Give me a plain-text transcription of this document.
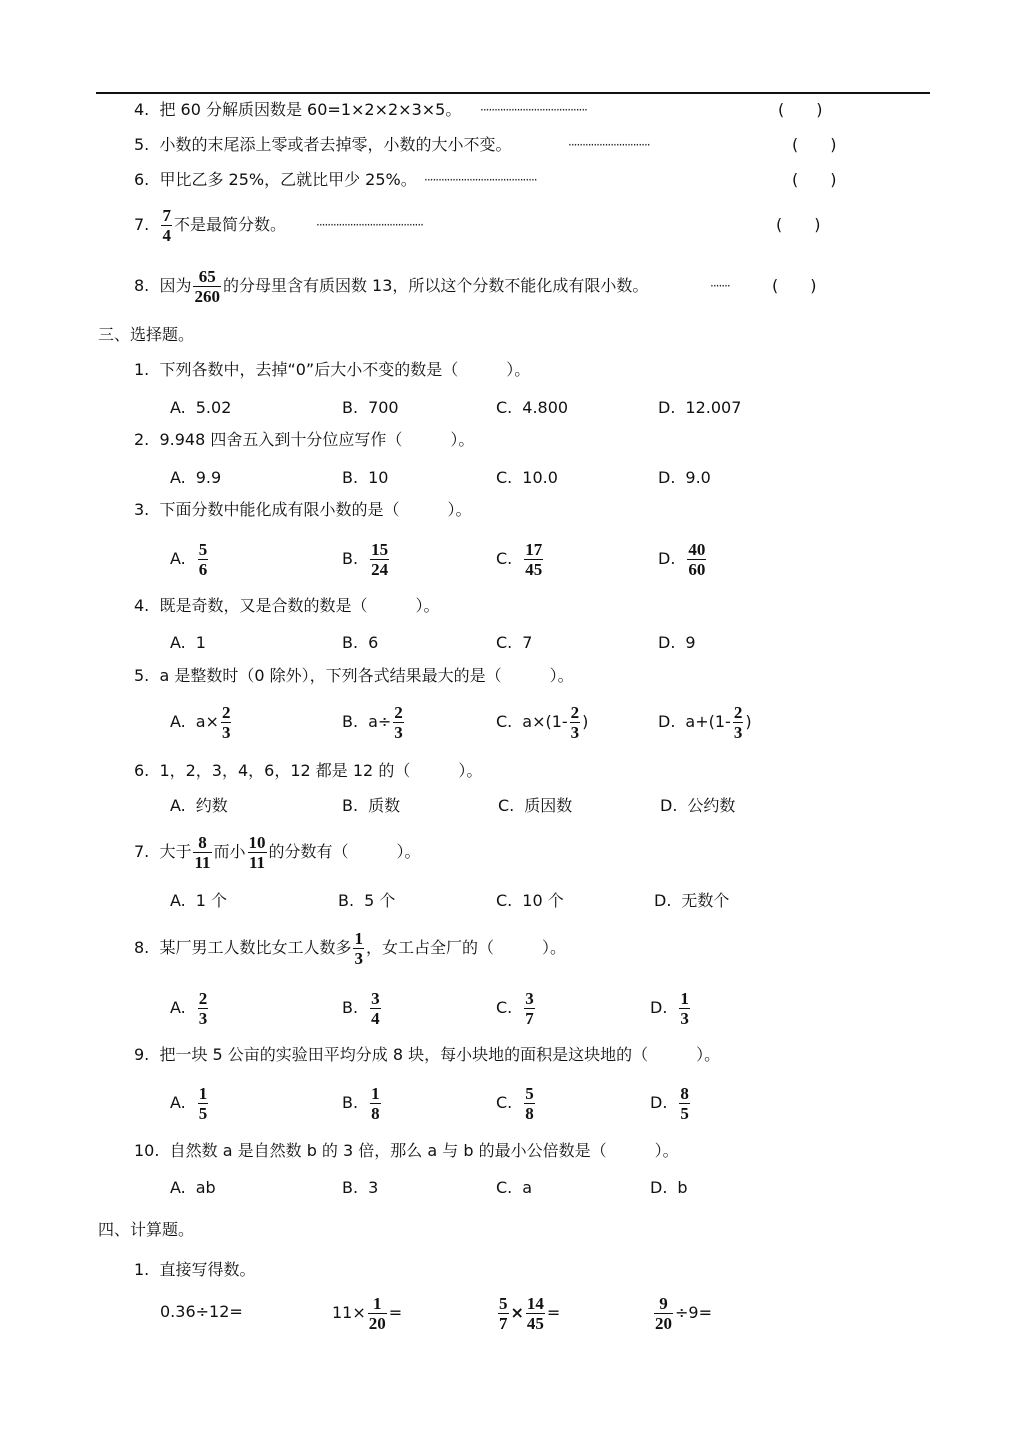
4. 把 60 分解质因数是 60=1×2×2×3×5。 ······································	(　　)
5. 小数的末尾添上零或者去掉零，小数的大小不变。	·····························	(　　)
6. 甲比乙多 25%，乙就比甲少 25%。 ········································	(　　)
7. $\frac{7}{4}$ 不是最简分数。	······································	(　　)
8. 因为 $\frac{65}{260}$ 的分母里含有质因数 13，所以这个分数不能化成有限小数。	·······	(　　)
三、选择题。
1. 下列各数中，去掉“0”后大小不变的数是（　　　）。
A. 5.02	B. 700	C. 4.800	D. 12.007
2. 9.948 四舍五入到十分位应写作（　　　）。
A. 9.9	B. 10	C. 10.0	D. 9.0
3. 下面分数中能化成有限小数的是（　　　）。
A. $\frac{5}{6}$	B. $\frac{15}{24}$	C. $\frac{17}{45}$	D. $\frac{40}{60}$
4. 既是奇数，又是合数的数是（　　　）。
A. 1	B. 6	C. 7	D. 9
5. a 是整数时（0 除外），下列各式结果最大的是（　　　）。
A. $a\times \frac{2}{3}$	B. $a\div \frac{2}{3}$	C. $a\times(1- \frac{2}{3}$ )	D. $a+(1- \frac{2}{3}$ )
6. 1，2，3，4，6，12 都是 12 的（　　　）。
A. 约数	B. 质数	C. 质因数	D. 公约数
7. 大于 $\frac{8}{11}$ 而小 $\frac{10}{11}$ 的分数有（　　　）。
A. 1 个	B. 5 个	C. 10 个	D. 无数个
8. 某厂男工人数比女工人数多 $\frac{1}{3}$ ，女工占全厂的（　　　）。
A. $\frac{2}{3}$	B. $\frac{3}{4}$	C. $\frac{3}{7}$	D. $\frac{1}{3}$
9. 把一块 5 公亩的实验田平均分成 8 块，每小块地的面积是这块地的（　　　）。
A. $\frac{1}{5}$	B. $\frac{1}{8}$	C. $\frac{5}{8}$	D. $\frac{8}{5}$
10. 自然数 a 是自然数 b 的 3 倍，那么 a 与 b 的最小公倍数是（　　　）。
A. ab	B. 3	C. a	D. b
四、计算题。
1. 直接写得数。
0.36÷12=	$11\times \frac{1}{20}$ =	$\frac{5}{7} \times \frac{14}{45}$ =	$\frac{9}{20} \div 9=$
